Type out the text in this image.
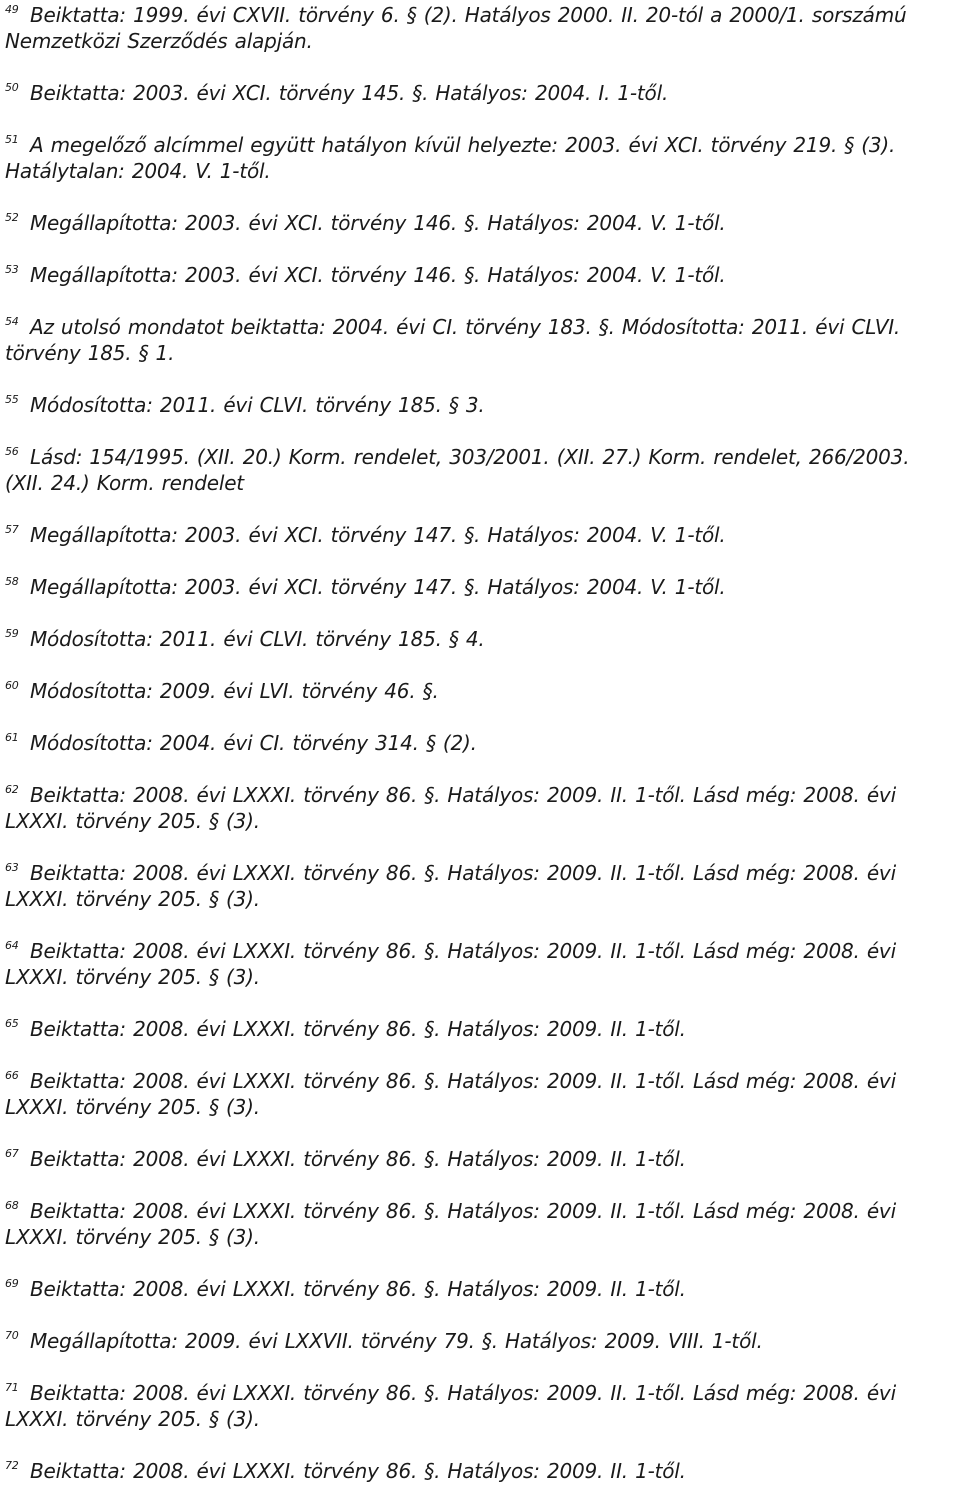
49 Beiktatta: 1999. évi CXVII. törvény 6. § (2). Hatályos 2000. II. 20-tól a 2000/1. sorszámú Nemzetközi Szerződés alapján.

50 Beiktatta: 2003. évi XCI. törvény 145. §. Hatályos: 2004. I. 1-től.

51 A megelőző alcímmel együtt hatályon kívül helyezte: 2003. évi XCI. törvény 219. § (3). Hatálytalan: 2004. V. 1-től.

52 Megállapította: 2003. évi XCI. törvény 146. §. Hatályos: 2004. V. 1-től.

53 Megállapította: 2003. évi XCI. törvény 146. §. Hatályos: 2004. V. 1-től.

54 Az utolsó mondatot beiktatta: 2004. évi CI. törvény 183. §. Módosította: 2011. évi CLVI. törvény 185. § 1.

55 Módosította: 2011. évi CLVI. törvény 185. § 3.

56 Lásd: 154/1995. (XII. 20.) Korm. rendelet, 303/2001. (XII. 27.) Korm. rendelet, 266/2003. (XII. 24.) Korm. rendelet

57 Megállapította: 2003. évi XCI. törvény 147. §. Hatályos: 2004. V. 1-től.

58 Megállapította: 2003. évi XCI. törvény 147. §. Hatályos: 2004. V. 1-től.

59 Módosította: 2011. évi CLVI. törvény 185. § 4.

60 Módosította: 2009. évi LVI. törvény 46. §.

61 Módosította: 2004. évi CI. törvény 314. § (2).

62 Beiktatta: 2008. évi LXXXI. törvény 86. §. Hatályos: 2009. II. 1-től. Lásd még: 2008. évi LXXXI. törvény 205. § (3).

63 Beiktatta: 2008. évi LXXXI. törvény 86. §. Hatályos: 2009. II. 1-től. Lásd még: 2008. évi LXXXI. törvény 205. § (3).

64 Beiktatta: 2008. évi LXXXI. törvény 86. §. Hatályos: 2009. II. 1-től. Lásd még: 2008. évi LXXXI. törvény 205. § (3).

65 Beiktatta: 2008. évi LXXXI. törvény 86. §. Hatályos: 2009. II. 1-től.

66 Beiktatta: 2008. évi LXXXI. törvény 86. §. Hatályos: 2009. II. 1-től. Lásd még: 2008. évi LXXXI. törvény 205. § (3).

67 Beiktatta: 2008. évi LXXXI. törvény 86. §. Hatályos: 2009. II. 1-től.

68 Beiktatta: 2008. évi LXXXI. törvény 86. §. Hatályos: 2009. II. 1-től. Lásd még: 2008. évi LXXXI. törvény 205. § (3).

69 Beiktatta: 2008. évi LXXXI. törvény 86. §. Hatályos: 2009. II. 1-től.

70 Megállapította: 2009. évi LXXVII. törvény 79. §. Hatályos: 2009. VIII. 1-től.

71 Beiktatta: 2008. évi LXXXI. törvény 86. §. Hatályos: 2009. II. 1-től. Lásd még: 2008. évi LXXXI. törvény 205. § (3).

72 Beiktatta: 2008. évi LXXXI. törvény 86. §. Hatályos: 2009. II. 1-től.
